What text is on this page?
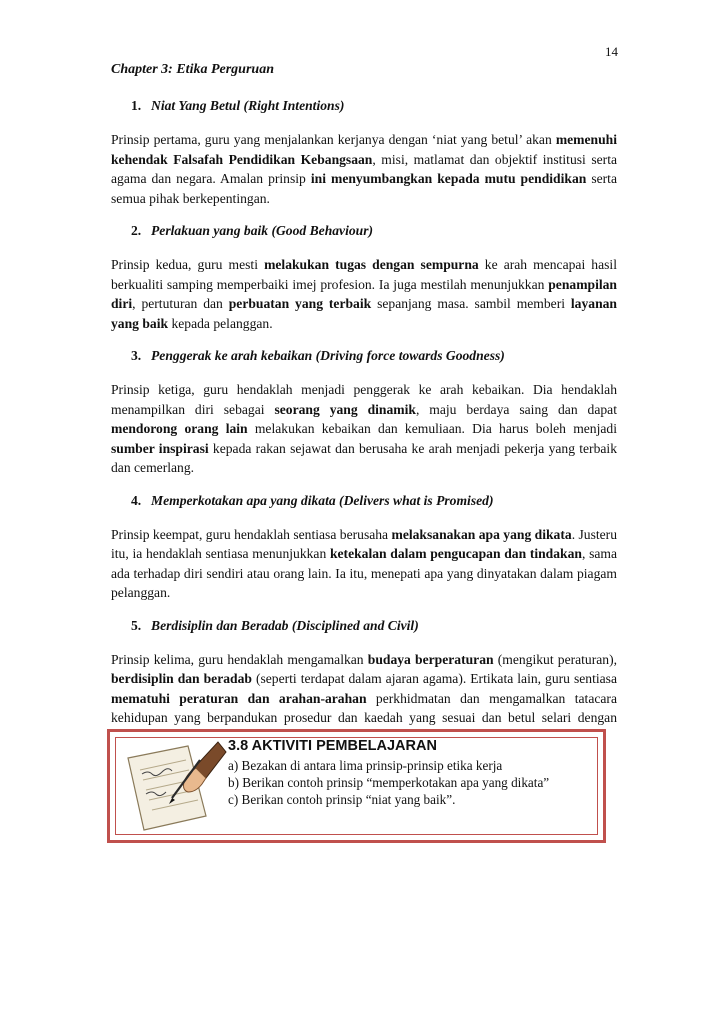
14
Chapter 3: Etika Perguruan
1. Niat Yang Betul (Right Intentions)
Prinsip pertama, guru yang menjalankan kerjanya dengan ‘niat yang betul’ akan memenuhi kehendak Falsafah Pendidikan Kebangsaan, misi, matlamat dan objektif institusi serta agama dan negara. Amalan prinsip ini menyumbangkan kepada mutu pendidikan serta semua pihak berkepentingan.
2. Perlakuan yang baik (Good Behaviour)
Prinsip kedua, guru mesti melakukan tugas dengan sempurna ke arah mencapai hasil berkualiti samping memperbaiki imej profesion. Ia juga mestilah menunjukkan penampilan diri, pertuturan dan perbuatan yang terbaik sepanjang masa. sambil memberi layanan yang baik kepada pelanggan.
3. Penggerak ke arah kebaikan (Driving force towards Goodness)
Prinsip ketiga, guru hendaklah menjadi penggerak ke arah kebaikan. Dia hendaklah menampilkan diri sebagai seorang yang dinamik, maju berdaya saing dan dapat mendorong orang lain melakukan kebaikan dan kemuliaan. Dia harus boleh menjadi sumber inspirasi kepada rakan sejawat dan berusaha ke arah menjadi pekerja yang terbaik dan cemerlang.
4. Memperkotakan apa yang dikata (Delivers what is Promised)
Prinsip keempat, guru hendaklah sentiasa berusaha melaksanakan apa yang dikata. Justeru itu, ia hendaklah sentiasa menunjukkan ketekalan dalam pengucapan dan tindakan, sama ada terhadap diri sendiri atau orang lain. Ia itu, menepati apa yang dinyatakan dalam piagam pelanggan.
5. Berdisiplin dan Beradab (Disciplined and Civil)
Prinsip kelima, guru hendaklah mengamalkan budaya berperaturan (mengikut peraturan), berdisiplin dan beradab (seperti terdapat dalam ajaran agama). Ertikata lain, guru sentiasa mematuhi peraturan dan arahan-arahan perkhidmatan dan mengamalkan tatacara kehidupan yang berpandukan prosedur dan kaedah yang sesuai dan betul selari dengan
3.8 AKTIVITI PEMBELAJARAN
a) Bezakan di antara lima prinsip-prinsip etika kerja
b) Berikan contoh prinsip “memperkotakan apa yang dikata”
c) Berikan contoh prinsip “niat yang baik”.
